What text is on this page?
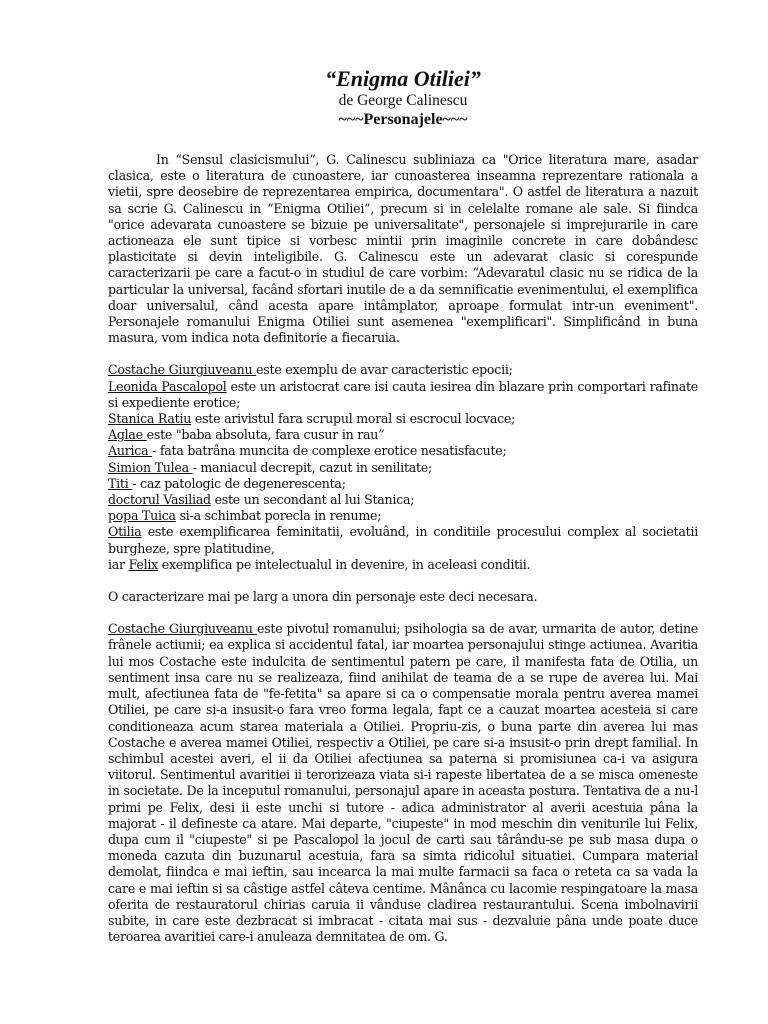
“Enigma Otiliei”
de George Calinescu
~~~Personajele~~~

In “Sensul clasicismului”, G. Calinescu subliniaza ca "Orice literatura mare, asadar clasica, este o literatura de cunoastere, iar cunoasterea inseamna reprezentare rationala a vietii, spre deosebire de reprezentarea empirica, documentara". O astfel de literatura a nazuit sa scrie G. Calinescu in “Enigma Otiliei”, precum si in celelalte romane ale sale. Si fiindca "orice adevarata cunoastere se bizuie pe universalitate", personajele si imprejurarile in care actioneaza ele sunt tipice si vorbesc mintii prin imaginile concrete in care dobândesc plasticitate si devin inteligibile. G. Calinescu este un adevarat clasic si corespunde caracterizarii pe care a facut-o in studiul de care vorbim: “Adevaratul clasic nu se ridica de la particular la universal, facând sfortari inutile de a da semnificatie evenimentului, el exemplifica doar universalul, când acesta apare intâmplator, aproape formulat intr-un eveniment". Personajele romanului Enigma Otiliei sunt asemenea "exemplificari". Simplificând in buna masura, vom indica nota definitorie a fiecaruia.

Costache Giurgiuveanu este exemplu de avar caracteristic epocii;

Leonida Pascalopol este un aristocrat care isi cauta iesirea din blazare prin comportari rafinate si expediente erotice;

Stanica Ratiu este arivistul fara scrupul moral si escrocul locvace;

Aglae este "baba absoluta, fara cusur in rau”

Aurica - fata batrâna muncita de complexe erotice nesatisfacute;

Simion Tulea - maniacul decrepit, cazut in senilitate;

Titi - caz patologic de degenerescenta;

doctorul Vasiliad este un secondant al lui Stanica;

popa Tuica si-a schimbat porecla in renume;

Otilia este exemplificarea feminitatii, evoluând, in conditiile procesului complex al societatii burgheze, spre platitudine,

iar Felix exemplifica pe intelectualul in devenire, in aceleasi conditii.

O caracterizare mai pe larg a unora din personaje este deci necesara.

Costache Giurgiuveanu este pivotul romanului; psihologia sa de avar, urmarita de autor, detine frânele actiunii; ea explica si accidentul fatal, iar moartea personajului stinge actiunea. Avaritia lui mos Costache este indulcita de sentimentul patern pe care, il manifesta fata de Otilia, un sentiment insa care nu se realizeaza, fiind anihilat de teama de a se rupe de averea lui. Mai mult, afectiunea fata de "fe-fetita" sa apare si ca o compensatie morala pentru averea mamei Otiliei, pe care si-a insusit-o fara vreo forma legala, fapt ce a cauzat moartea acesteia si care conditioneaza acum starea materiala a Otiliei. Propriu-zis, o buna parte din averea lui mas Costache e averea mamei Otiliei, respectiv a Otiliei, pe care si-a insusit-o prin drept familial. In schimbul acestei averi, el ii da Otiliei afectiunea sa paterna si promisiunea ca-i va asigura viitorul. Sentimentul avaritiei ii terorizeaza viata si-i rapeste libertatea de a se misca omeneste in societate. De la inceputul romanului, personajul apare in aceasta postura. Tentativa de a nu-l primi pe Felix, desi ii este unchi si tutore - adica administrator al averii acestuia pâna la majorat - il defineste ca atare. Mai departe, "ciupeste" in mod meschin din veniturile lui Felix, dupa cum il "ciupeste" si pe Pascalopol la jocul de carti sau târându-se pe sub masa dupa o moneda cazuta din buzunarul acestuia, fara sa simta ridicolul situatiei. Cumpara material demolat, fiindca e mai ieftin, sau incearca la mai multe farmacii sa faca o reteta ca sa vada la care e mai ieftin si sa câstige astfel câteva centime. Mânânca cu lacomie respingatoare la masa oferita de restauratorul chirias caruia ii vânduse cladirea restaurantului. Scena imbolnavirii subite, in care este dezbracat si imbracat - citata mai sus - dezvaluie pâna unde poate duce teroarea avaritiei care-i anuleaza demnitatea de om. G.
